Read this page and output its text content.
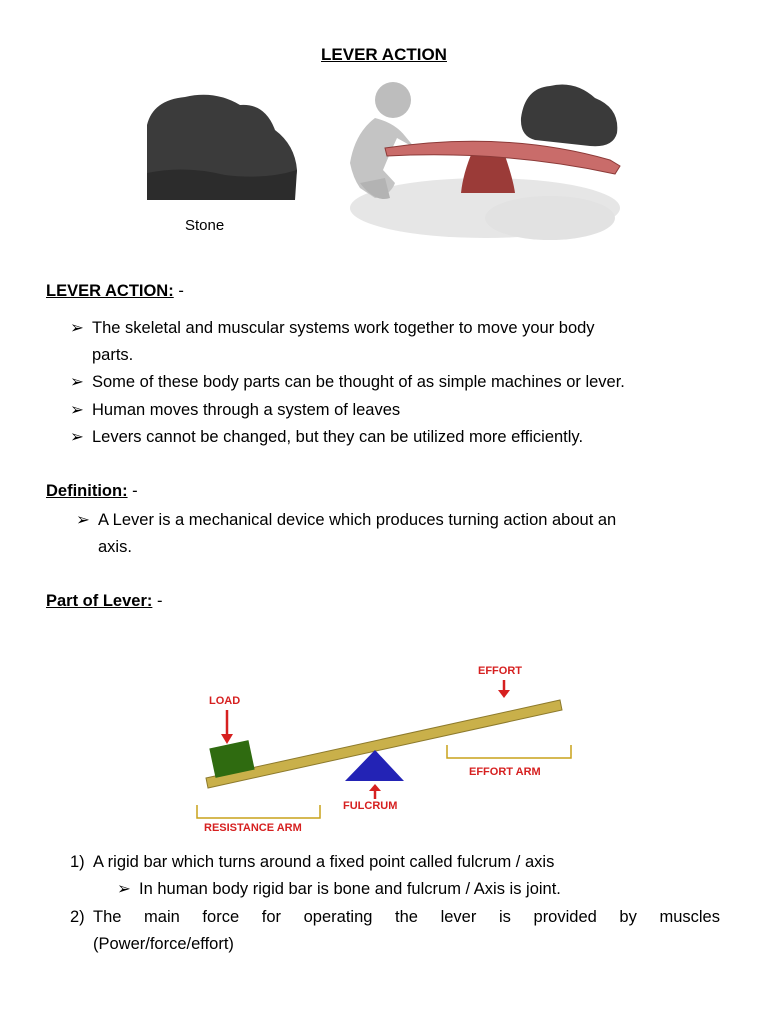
LEVER ACTION
Stone
LEVER ACTION: -
➢ The skeletal and muscular systems work together to move your body
parts.
➢ Some of these body parts can be thought of as simple machines or lever.
➢ Human moves through a system of leaves
➢ Levers cannot be changed, but they can be utilized more efficiently.
Definition: -
➢ A Lever is a mechanical device which produces turning action about an
axis.
Part of Lever: -
EFFORT
LOAD
EFFORT ARM
FULCRUM
RESISTANCE ARM
1) A rigid bar which turns around a fixed point called fulcrum / axis
➢ In human body rigid bar is bone and fulcrum / Axis is joint.
2) The main force for operating the lever is provided by muscles
(Power/force/effort)
